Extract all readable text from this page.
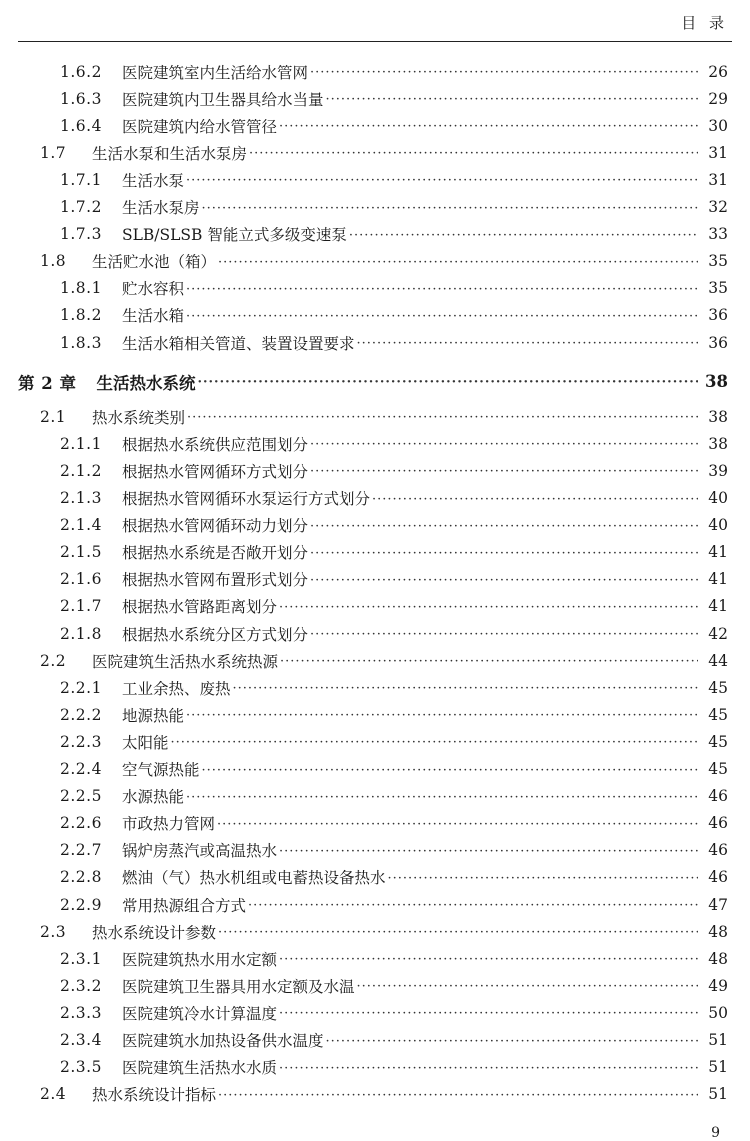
目 录
1.6.2	医院建筑室内生活给水管网 ·····	26
1.6.3	医院建筑内卫生器具给水当量 ·····	29
1.6.4	医院建筑内给水管管径 ·····	30
1.7	生活水泵和生活水泵房 ·····	31
1.7.1	生活水泵 ·····	31
1.7.2	生活水泵房 ·····	32
1.7.3	SLB/SLSB 智能立式多级变速泵 ·····	33
1.8	生活贮水池（箱） ·····	35
1.8.1	贮水容积 ·····	35
1.8.2	生活水箱 ·····	36
1.8.3	生活水箱相关管道、装置设置要求 ·····	36
第 2 章 生活热水系统 ·····	38
2.1	热水系统类别 ·····	38
2.1.1	根据热水系统供应范围划分 ·····	38
2.1.2	根据热水管网循环方式划分 ·····	39
2.1.3	根据热水管网循环水泵运行方式划分 ·····	40
2.1.4	根据热水管网循环动力划分 ·····	40
2.1.5	根据热水系统是否敞开划分 ·····	41
2.1.6	根据热水管网布置形式划分 ·····	41
2.1.7	根据热水管路距离划分 ·····	41
2.1.8	根据热水系统分区方式划分 ·····	42
2.2	医院建筑生活热水系统热源 ·····	44
2.2.1	工业余热、废热 ·····	45
2.2.2	地源热能 ·····	45
2.2.3	太阳能 ·····	45
2.2.4	空气源热能 ·····	45
2.2.5	水源热能 ·····	46
2.2.6	市政热力管网 ·····	46
2.2.7	锅炉房蒸汽或高温热水 ·····	46
2.2.8	燃油（气）热水机组或电蓄热设备热水 ·····	46
2.2.9	常用热源组合方式 ·····	47
2.3	热水系统设计参数 ·····	48
2.3.1	医院建筑热水用水定额 ·····	48
2.3.2	医院建筑卫生器具用水定额及水温 ·····	49
2.3.3	医院建筑冷水计算温度 ·····	50
2.3.4	医院建筑水加热设备供水温度 ·····	51
2.3.5	医院建筑生活热水水质 ·····	51
2.4	热水系统设计指标 ·····	51
9
